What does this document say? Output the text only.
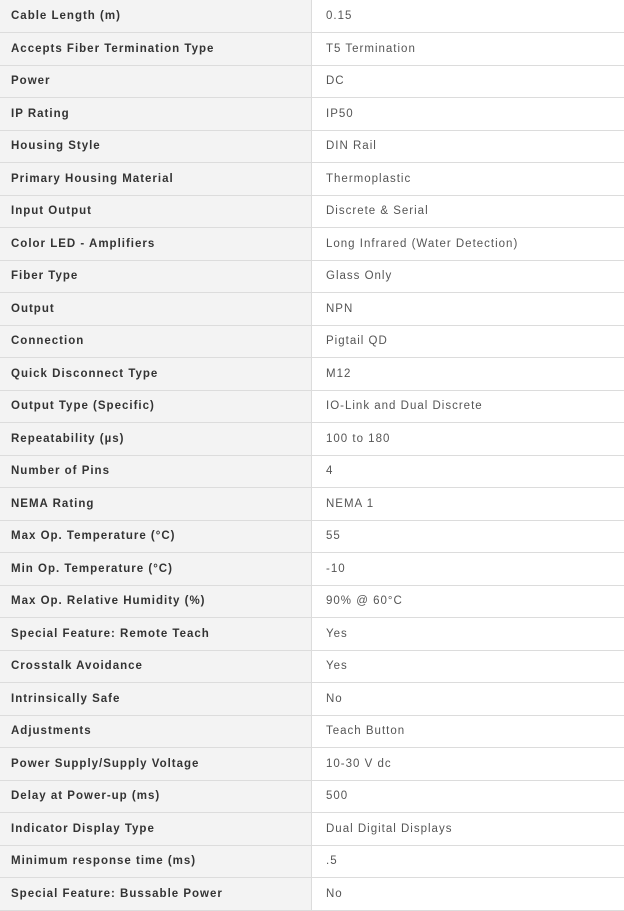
Cable Length (m)	0.15
Accepts Fiber Termination Type	T5 Termination
Power	DC
IP Rating	IP50
Housing Style	DIN Rail
Primary Housing Material	Thermoplastic
Input Output	Discrete & Serial
Color LED - Amplifiers	Long Infrared (Water Detection)
Fiber Type	Glass Only
Output	NPN
Connection	Pigtail QD
Quick Disconnect Type	M12
Output Type (Specific)	IO-Link and Dual Discrete
Repeatability (µs)	100 to 180
Number of Pins	4
NEMA Rating	NEMA 1
Max Op. Temperature (°C)	55
Min Op. Temperature (°C)	-10
Max Op. Relative Humidity (%)	90% @ 60°C
Special Feature: Remote Teach	Yes
Crosstalk Avoidance	Yes
Intrinsically Safe	No
Adjustments	Teach Button
Power Supply/Supply Voltage	10-30 V dc
Delay at Power-up (ms)	500
Indicator Display Type	Dual Digital Displays
Minimum response time (ms)	.5
Special Feature: Bussable Power	No
